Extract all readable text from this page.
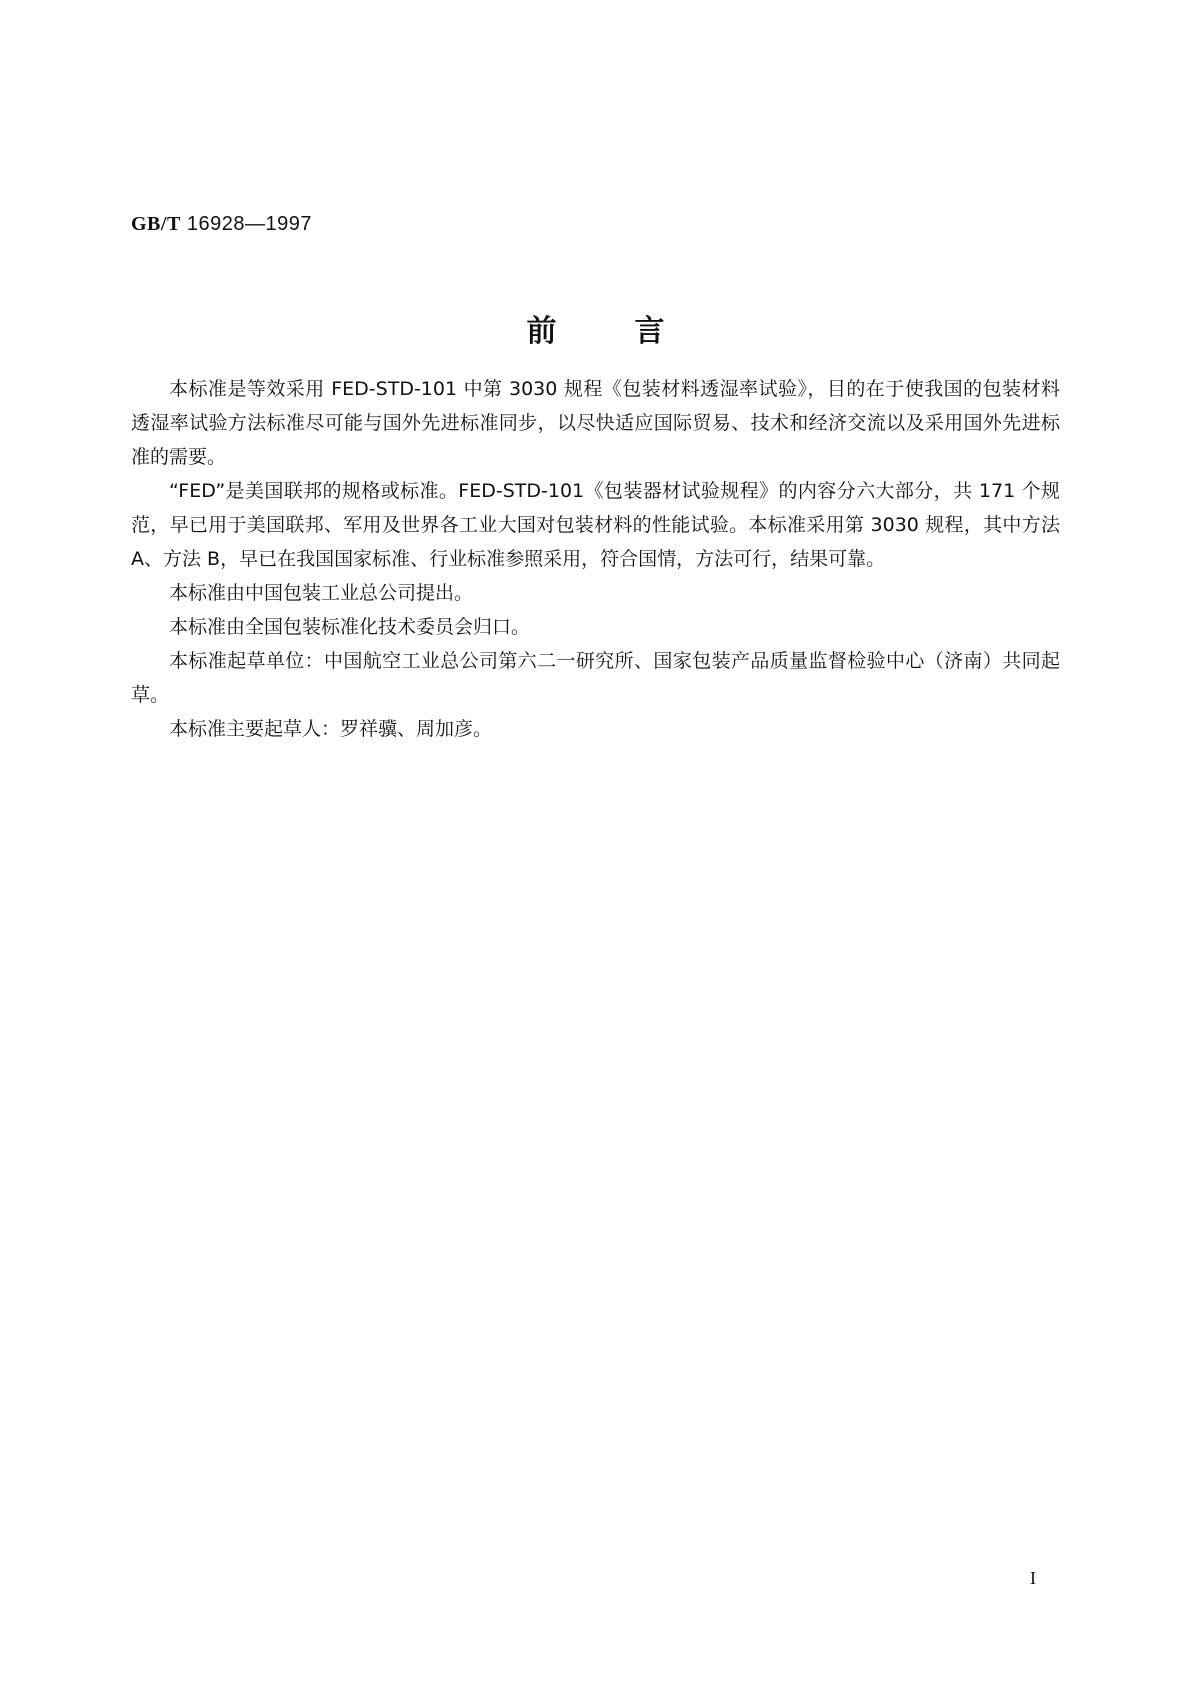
GB/T 16928—1997
前言

本标准是等效采用 FED-STD-101 中第 3030 规程《包装材料透湿率试验》，目的在于使我国的包装材料透湿率试验方法标准尽可能与国外先进标准同步，以尽快适应国际贸易、技术和经济交流以及采用国外先进标准的需要。

“FED”是美国联邦的规格或标准。FED-STD-101《包装器材试验规程》的内容分六大部分，共 171 个规范，早已用于美国联邦、军用及世界各工业大国对包装材料的性能试验。本标准采用第 3030 规程，其中方法 A、方法 B，早已在我国国家标准、行业标准参照采用，符合国情，方法可行，结果可靠。

本标准由中国包装工业总公司提出。

本标准由全国包装标准化技术委员会归口。

本标准起草单位：中国航空工业总公司第六二一研究所、国家包装产品质量监督检验中心（济南）共同起草。

本标准主要起草人：罗祥骥、周加彦。

I
